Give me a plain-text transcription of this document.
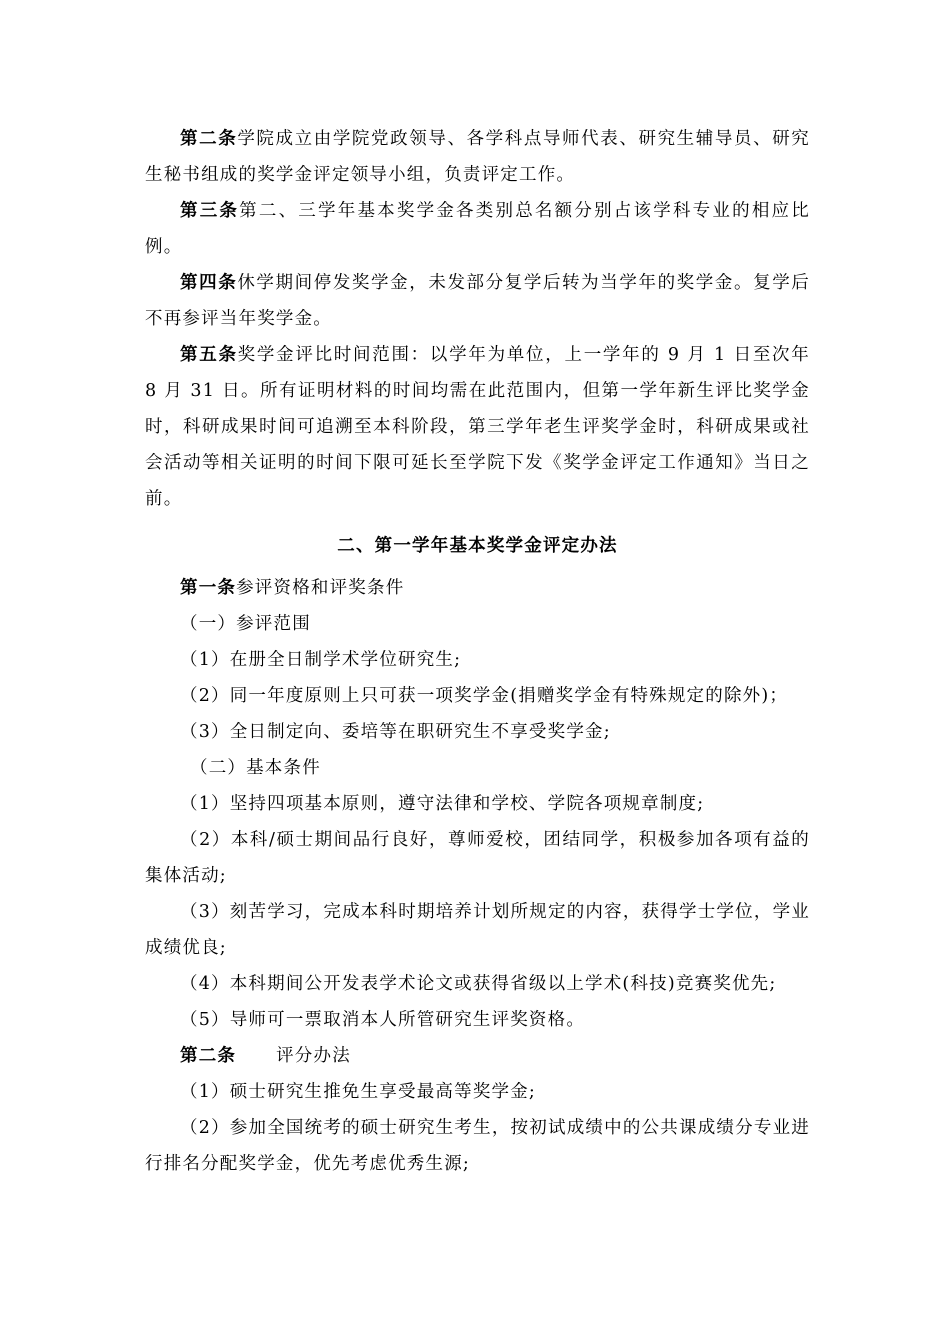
第二条学院成立由学院党政领导、各学科点导师代表、研究生辅导员、研究生秘书组成的奖学金评定领导小组，负责评定工作。

第三条第二、三学年基本奖学金各类别总名额分别占该学科专业的相应比例。

第四条休学期间停发奖学金，未发部分复学后转为当学年的奖学金。复学后不再参评当年奖学金。

第五条奖学金评比时间范围：以学年为单位，上一学年的 9 月 1 日至次年 8 月 31 日。所有证明材料的时间均需在此范围内，但第一学年新生评比奖学金时，科研成果时间可追溯至本科阶段，第三学年老生评奖学金时，科研成果或社会活动等相关证明的时间下限可延长至学院下发《奖学金评定工作通知》当日之前。

二、第一学年基本奖学金评定办法

第一条参评资格和评奖条件

（一）参评范围

（1）在册全日制学术学位研究生;

（2）同一年度原则上只可获一项奖学金(捐赠奖学金有特殊规定的除外)；

（3）全日制定向、委培等在职研究生不享受奖学金;

（二）基本条件

（1）坚持四项基本原则，遵守法律和学校、学院各项规章制度;

（2）本科/硕士期间品行良好，尊师爱校，团结同学，积极参加各项有益的集体活动;

（3）刻苦学习，完成本科时期培养计划所规定的内容，获得学士学位，学业成绩优良;

（4）本科期间公开发表学术论文或获得省级以上学术(科技)竞赛奖优先;

（5）导师可一票取消本人所管研究生评奖资格。

第二条 评分办法

（1）硕士研究生推免生享受最高等奖学金;

（2）参加全国统考的硕士研究生考生，按初试成绩中的公共课成绩分专业进行排名分配奖学金，优先考虑优秀生源;
